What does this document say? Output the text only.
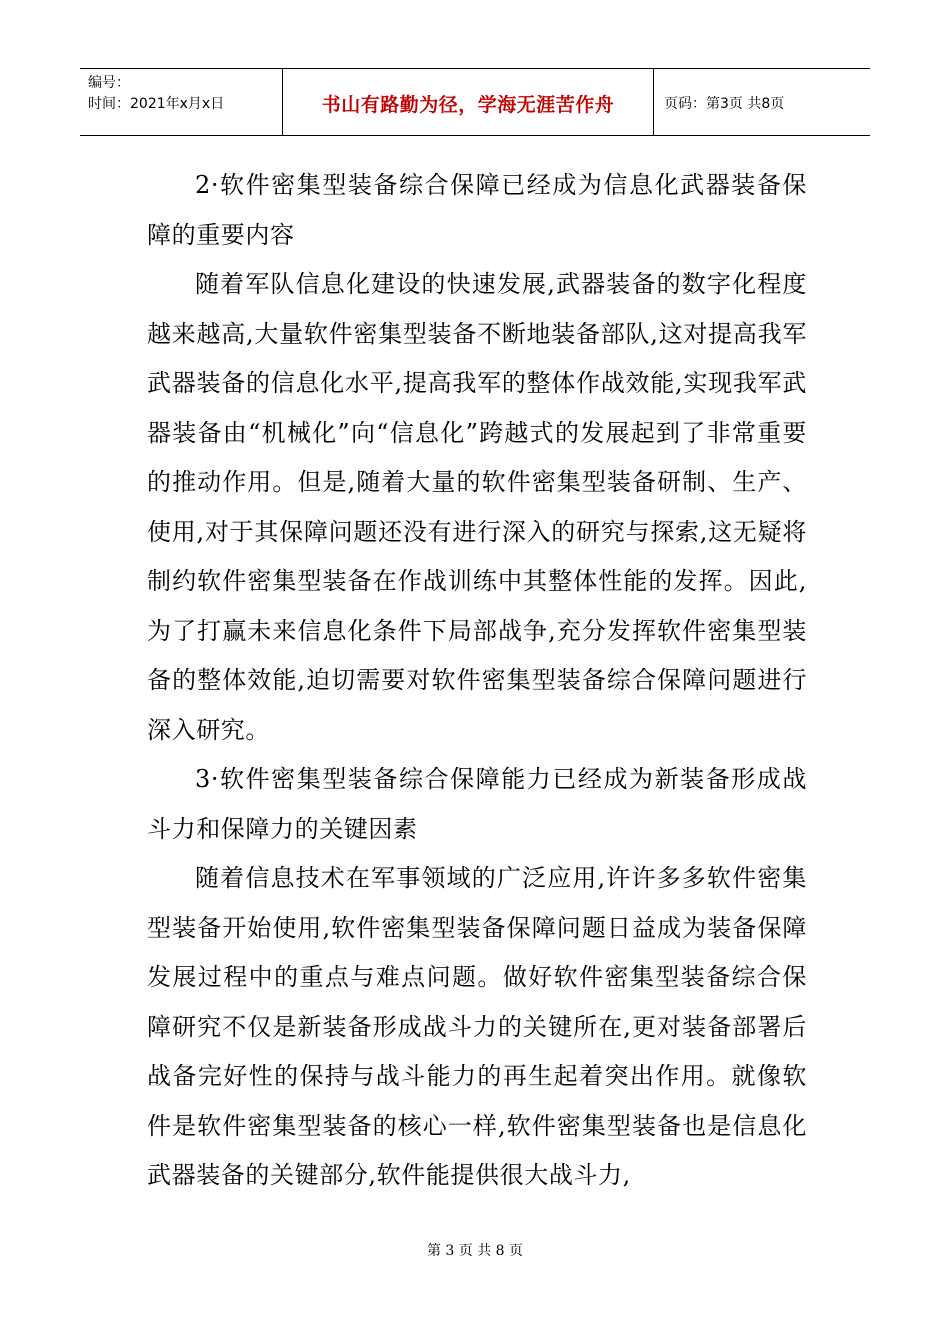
编号：
时间：2021年x月x日	书山有路勤为径，学海无涯苦作舟	页码：第3页 共8页

2·软件密集型装备综合保障已经成为信息化武器装备保障的重要内容

随着军队信息化建设的快速发展,武器装备的数字化程度越来越高,大量软件密集型装备不断地装备部队,这对提高我军武器装备的信息化水平,提高我军的整体作战效能,实现我军武器装备由“机械化”向“信息化”跨越式的发展起到了非常重要的推动作用。但是,随着大量的软件密集型装备研制、生产、使用,对于其保障问题还没有进行深入的研究与探索,这无疑将制约软件密集型装备在作战训练中其整体性能的发挥。因此,为了打赢未来信息化条件下局部战争,充分发挥软件密集型装备的整体效能,迫切需要对软件密集型装备综合保障问题进行深入研究。

3·软件密集型装备综合保障能力已经成为新装备形成战斗力和保障力的关键因素

随着信息技术在军事领域的广泛应用,许许多多软件密集型装备开始使用,软件密集型装备保障问题日益成为装备保障发展过程中的重点与难点问题。做好软件密集型装备综合保障研究不仅是新装备形成战斗力的关键所在,更对装备部署后战备完好性的保持与战斗能力的再生起着突出作用。就像软件是软件密集型装备的核心一样,软件密集型装备也是信息化武器装备的关键部分,软件能提供很大战斗力,

第 3 页 共 8 页
